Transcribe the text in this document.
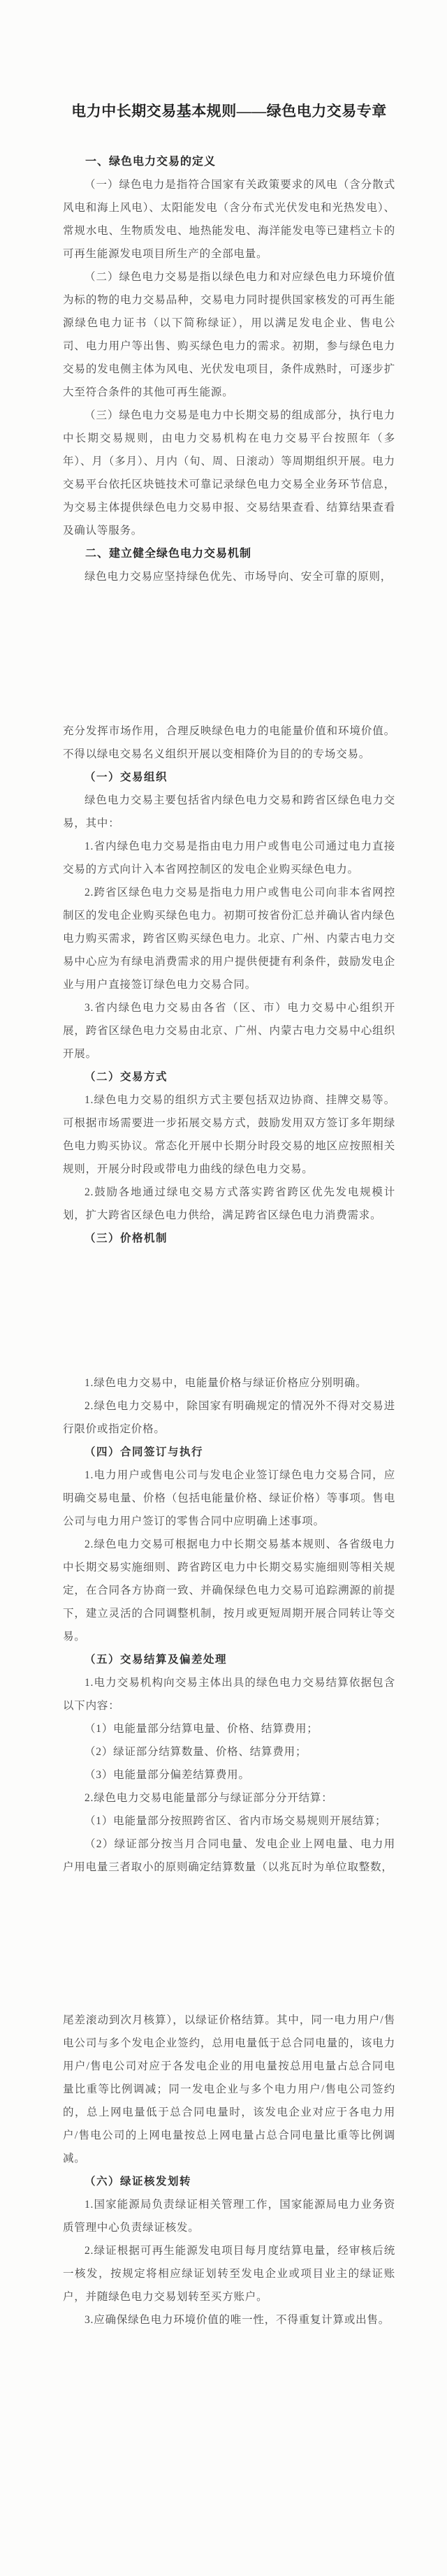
电力中长期交易基本规则——绿色电力交易专章
一、绿色电力交易的定义

（一）绿色电力是指符合国家有关政策要求的风电（含分散式风电和海上风电）、太阳能发电（含分布式光伏发电和光热发电）、常规水电、生物质发电、地热能发电、海洋能发电等已建档立卡的可再生能源发电项目所生产的全部电量。

（二）绿色电力交易是指以绿色电力和对应绿色电力环境价值为标的物的电力交易品种，交易电力同时提供国家核发的可再生能源绿色电力证书（以下简称绿证），用以满足发电企业、售电公司、电力用户等出售、购买绿色电力的需求。初期，参与绿色电力交易的发电侧主体为风电、光伏发电项目，条件成熟时，可逐步扩大至符合条件的其他可再生能源。

（三）绿色电力交易是电力中长期交易的组成部分，执行电力中长期交易规则，由电力交易机构在电力交易平台按照年（多年）、月（多月）、月内（旬、周、日滚动）等周期组织开展。电力交易平台依托区块链技术可靠记录绿色电力交易全业务环节信息，为交易主体提供绿色电力交易申报、交易结果查看、结算结果查看及确认等服务。

二、建立健全绿色电力交易机制

绿色电力交易应坚持绿色优先、市场导向、安全可靠的原则，

充分发挥市场作用，合理反映绿色电力的电能量价值和环境价值。不得以绿电交易名义组织开展以变相降价为目的的专场交易。

（一）交易组织

绿色电力交易主要包括省内绿色电力交易和跨省区绿色电力交易，其中：

1.省内绿色电力交易是指由电力用户或售电公司通过电力直接交易的方式向计入本省网控制区的发电企业购买绿色电力。

2.跨省区绿色电力交易是指电力用户或售电公司向非本省网控制区的发电企业购买绿色电力。初期可按省份汇总并确认省内绿色电力购买需求，跨省区购买绿色电力。北京、广州、内蒙古电力交易中心应为有绿电消费需求的用户提供便捷有利条件，鼓励发电企业与用户直接签订绿色电力交易合同。

3.省内绿色电力交易由各省（区、市）电力交易中心组织开展，跨省区绿色电力交易由北京、广州、内蒙古电力交易中心组织开展。

（二）交易方式

1.绿色电力交易的组织方式主要包括双边协商、挂牌交易等。可根据市场需要进一步拓展交易方式，鼓励发用双方签订多年期绿色电力购买协议。常态化开展中长期分时段交易的地区应按照相关规则，开展分时段或带电力曲线的绿色电力交易。

2.鼓励各地通过绿电交易方式落实跨省跨区优先发电规模计划，扩大跨省区绿色电力供给，满足跨省区绿色电力消费需求。

（三）价格机制

1.绿色电力交易中，电能量价格与绿证价格应分别明确。

2.绿色电力交易中，除国家有明确规定的情况外不得对交易进行限价或指定价格。

（四）合同签订与执行

1.电力用户或售电公司与发电企业签订绿色电力交易合同，应明确交易电量、价格（包括电能量价格、绿证价格）等事项。售电公司与电力用户签订的零售合同中应明确上述事项。

2.绿色电力交易可根据电力中长期交易基本规则、各省级电力中长期交易实施细则、跨省跨区电力中长期交易实施细则等相关规定，在合同各方协商一致、并确保绿色电力交易可追踪溯源的前提下，建立灵活的合同调整机制，按月或更短周期开展合同转让等交易。

（五）交易结算及偏差处理

1.电力交易机构向交易主体出具的绿色电力交易结算依据包含以下内容：

（1）电能量部分结算电量、价格、结算费用；

（2）绿证部分结算数量、价格、结算费用；

（3）电能量部分偏差结算费用。

2.绿色电力交易电能量部分与绿证部分分开结算：

（1）电能量部分按照跨省区、省内市场交易规则开展结算；

（2）绿证部分按当月合同电量、发电企业上网电量、电力用户用电量三者取小的原则确定结算数量（以兆瓦时为单位取整数，

尾差滚动到次月核算），以绿证价格结算。其中，同一电力用户/售电公司与多个发电企业签约，总用电量低于总合同电量的，该电力用户/售电公司对应于各发电企业的用电量按总用电量占总合同电量比重等比例调减；同一发电企业与多个电力用户/售电公司签约的，总上网电量低于总合同电量时，该发电企业对应于各电力用户/售电公司的上网电量按总上网电量占总合同电量比重等比例调减。

（六）绿证核发划转

1.国家能源局负责绿证相关管理工作，国家能源局电力业务资质管理中心负责绿证核发。

2.绿证根据可再生能源发电项目每月度结算电量，经审核后统一核发，按规定将相应绿证划转至发电企业或项目业主的绿证账户，并随绿色电力交易划转至买方账户。

3.应确保绿色电力环境价值的唯一性，不得重复计算或出售。
